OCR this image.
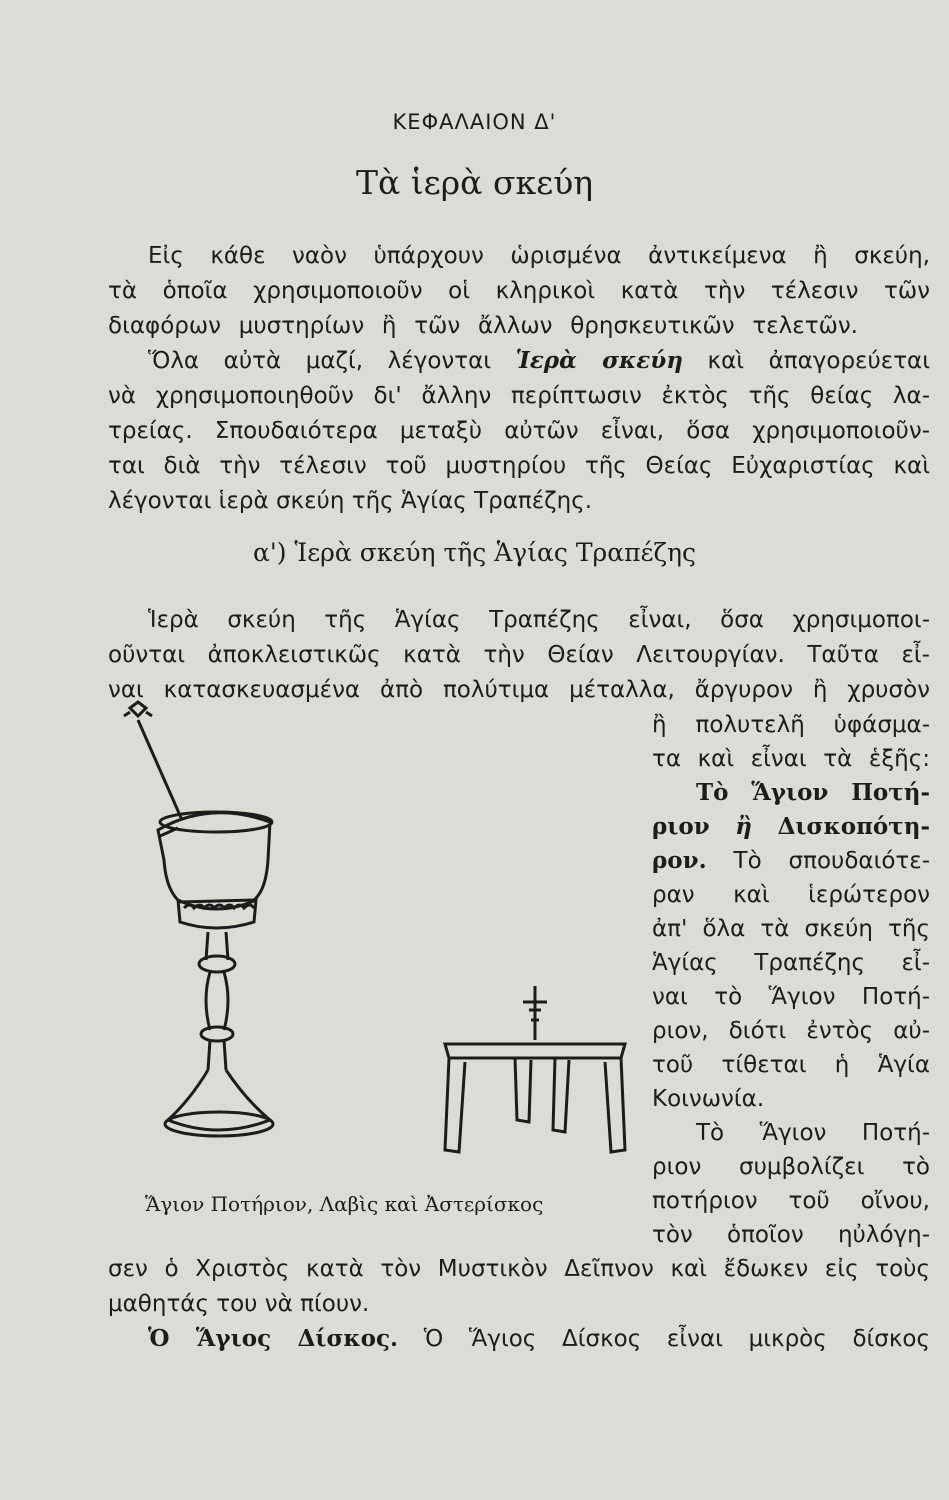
ΚΕΦΑΛΑΙΟΝ Δ'
Τὰ ἱερὰ σκεύη
Εἰς κάθε ναὸν ὑπάρχουν ὡρισμένα ἀντικείμενα ἢ σκεύη,
τὰ ὁποῖα χρησιμοποιοῦν οἱ κληρικοὶ κατὰ τὴν τέλεσιν τῶν
διαφόρων μυστηρίων ἢ τῶν ἄλλων θρησκευτικῶν τελετῶν.
Ὅλα αὐτὰ μαζί, λέγονται Ἱερὰ σκεύη καὶ ἀπαγορεύεται
νὰ χρησιμοποιηθοῦν δι' ἄλλην περίπτωσιν ἐκτὸς τῆς θείας λα-
τρείας. Σπουδαιότερα μεταξὺ αὐτῶν εἶναι, ὅσα χρησιμοποιοῦν-
ται διὰ τὴν τέλεσιν τοῦ μυστηρίου τῆς Θείας Εὐχαριστίας καὶ
λέγονται ἱερὰ σκεύη τῆς Ἁγίας Τραπέζης.
α') Ἱερὰ σκεύη τῆς Ἁγίας Τραπέζης
Ἱερὰ σκεύη τῆς Ἁγίας Τραπέζης εἶναι, ὅσα χρησιμοποι-
οῦνται ἀποκλειστικῶς κατὰ τὴν Θείαν Λειτουργίαν. Ταῦτα εἶ-
ναι κατασκευασμένα ἀπὸ πολύτιμα μέταλλα, ἄργυρον ἢ χρυσὸν
ἢ πολυτελῆ ὑφάσμα-
τα καὶ εἶναι τὰ ἑξῆς:
Τὸ Ἅγιον Ποτή-
ριον ἢ Δισκοπότη-
ρον. Τὸ σπουδαιότε-
ραν καὶ ἱερώτερον
ἀπ' ὅλα τὰ σκεύη τῆς
Ἁγίας Τραπέζης εἶ-
ναι τὸ Ἅγιον Ποτή-
ριον, διότι ἐντὸς αὐ-
τοῦ τίθεται ἡ Ἁγία
Κοινωνία.
Τὸ Ἅγιον Ποτή-
ριον συμβολίζει τὸ
ποτήριον τοῦ οἴνου,
τὸν ὁποῖον ηὐλόγη-
σεν ὁ Χριστὸς κατὰ τὸν Μυστικὸν Δεῖπνον καὶ ἔδωκεν εἰς τοὺς
μαθητάς του νὰ πίουν.
Ὁ Ἅγιος Δίσκος. Ὁ Ἅγιος Δίσκος εἶναι μικρὸς δίσκος
Ἅγιον Ποτήριον, Λαβὶς καὶ Ἀστερίσκος
